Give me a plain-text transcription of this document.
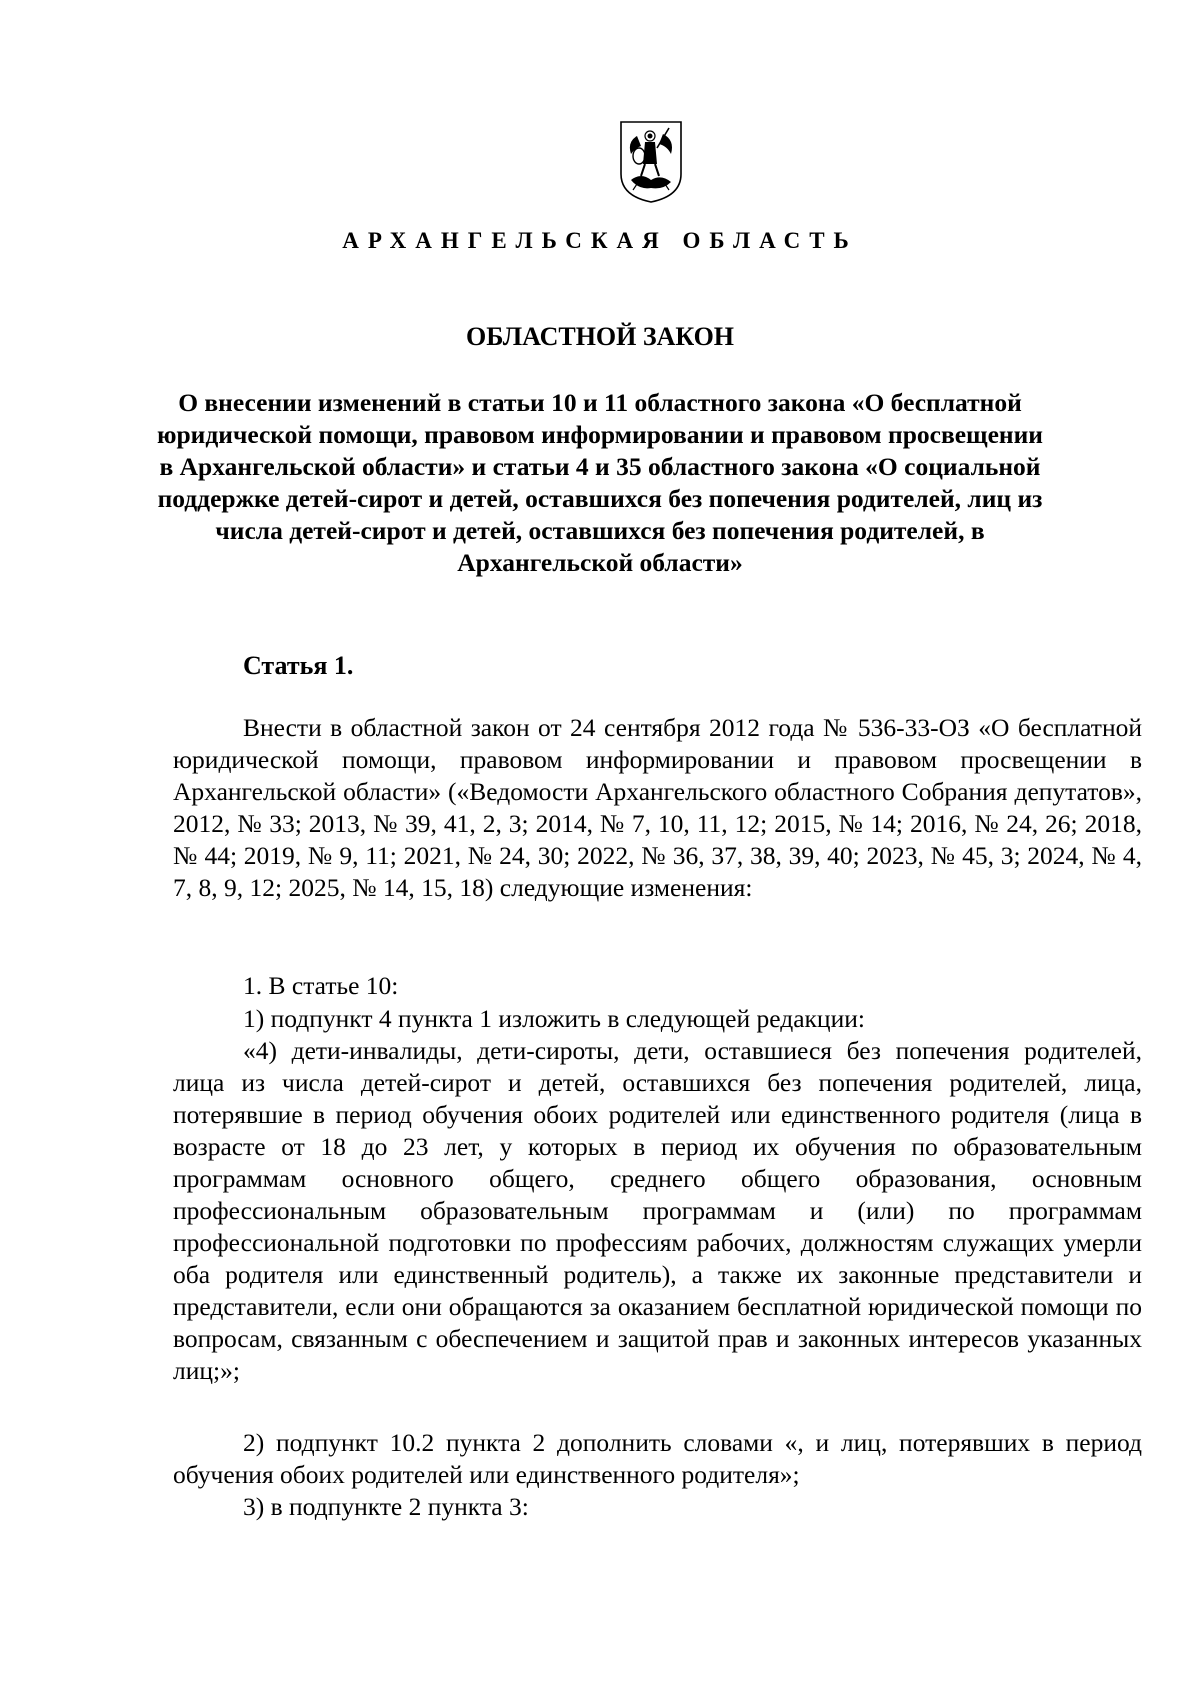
АРХАНГЕЛЬСКАЯ ОБЛАСТЬ
ОБЛАСТНОЙ ЗАКОН
О внесении изменений в статьи 10 и 11 областного закона «О бесплатной юридической помощи, правовом информировании и правовом просвещении в Архангельской области» и статьи 4 и 35 областного закона «О социальной поддержке детей-сирот и детей, оставшихся без попечения родителей, лиц из числа детей-сирот и детей, оставшихся без попечения родителей, в Архангельской области»
Статья 1.

Внести в областной закон от 24 сентября 2012 года № 536-33-ОЗ «О бесплатной юридической помощи, правовом информировании и правовом просвещении в Архангельской области» («Ведомости Архангельского областного Собрания депутатов», 2012, № 33; 2013, № 39, 41, 2, 3; 2014, № 7, 10, 11, 12; 2015, № 14; 2016, № 24, 26; 2018, № 44; 2019, № 9, 11; 2021, № 24, 30; 2022, № 36, 37, 38, 39, 40; 2023, № 45, 3; 2024, № 4, 7, 8, 9, 12; 2025, № 14, 15, 18) следующие изменения:

1. В статье 10:

1) подпункт 4 пункта 1 изложить в следующей редакции:

«4) дети-инвалиды, дети-сироты, дети, оставшиеся без попечения родителей, лица из числа детей-сирот и детей, оставшихся без попечения родителей, лица, потерявшие в период обучения обоих родителей или единственного родителя (лица в возрасте от 18 до 23 лет, у которых в период их обучения по образовательным программам основного общего, среднего общего образования, основным профессиональным образовательным программам и (или) по программам профессиональной подготовки по профессиям рабочих, должностям служащих умерли оба родителя или единственный родитель), а также их законные представители и представители, если они обращаются за оказанием бесплатной юридической помощи по вопросам, связанным с обеспечением и защитой прав и законных интересов указанных лиц;»;

2) подпункт 10.2 пункта 2 дополнить словами «, и лиц, потерявших в период обучения обоих родителей или единственного родителя»;

3) в подпункте 2 пункта 3:
